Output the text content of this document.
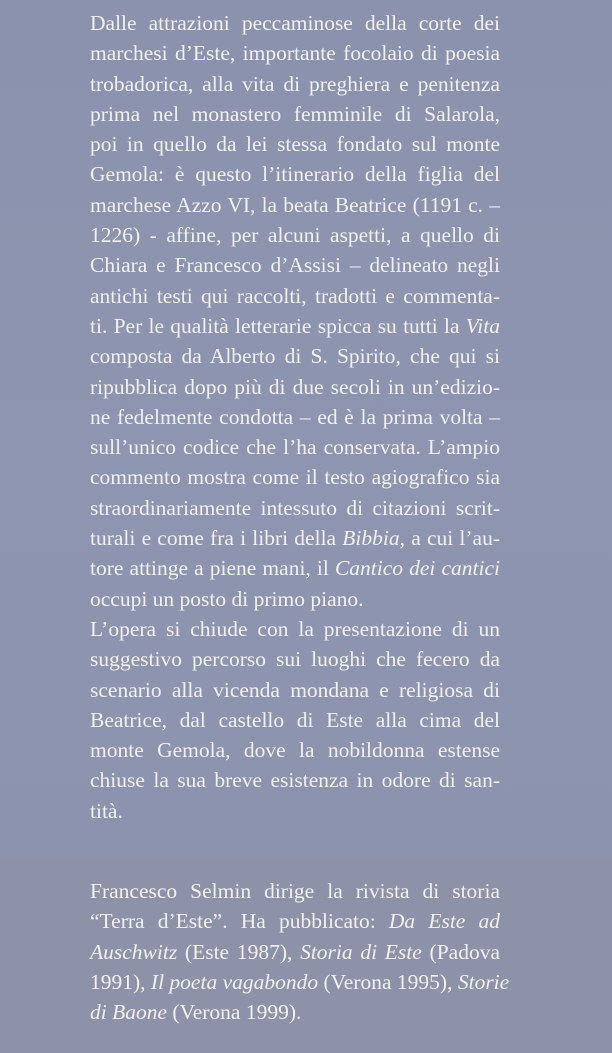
Dalle attrazioni peccaminose della corte dei
marchesi d’Este, importante focolaio di poesia
trobadorica, alla vita di preghiera e penitenza
prima nel monastero femminile di Salarola,
poi in quello da lei stessa fondato sul monte
Gemola: è questo l’itinerario della figlia del
marchese Azzo VI, la beata Beatrice (1191 c. –
1226) - affine, per alcuni aspetti, a quello di
Chiara e Francesco d’Assisi – delineato negli
antichi testi qui raccolti, tradotti e commenta-
ti. Per le qualità letterarie spicca su tutti la Vita
composta da Alberto di S. Spirito, che qui si
ripubblica dopo più di due secoli in un’edizio-
ne fedelmente condotta – ed è la prima volta –
sull’unico codice che l’ha conservata. L’ampio
commento mostra come il testo agiografico sia
straordinariamente intessuto di citazioni scrit-
turali e come fra i libri della Bibbia, a cui l’au-
tore attinge a piene mani, il Cantico dei cantici
occupi un posto di primo piano.

L’opera si chiude con la presentazione di un
suggestivo percorso sui luoghi che fecero da
scenario alla vicenda mondana e religiosa di
Beatrice, dal castello di Este alla cima del
monte Gemola, dove la nobildonna estense
chiuse la sua breve esistenza in odore di san-
tità.

Francesco Selmin dirige la rivista di storia
“Terra d’Este”. Ha pubblicato: Da Este ad
Auschwitz (Este 1987), Storia di Este (Padova
1991), Il poeta vagabondo (Verona 1995), Storie
di Baone (Verona 1999).
